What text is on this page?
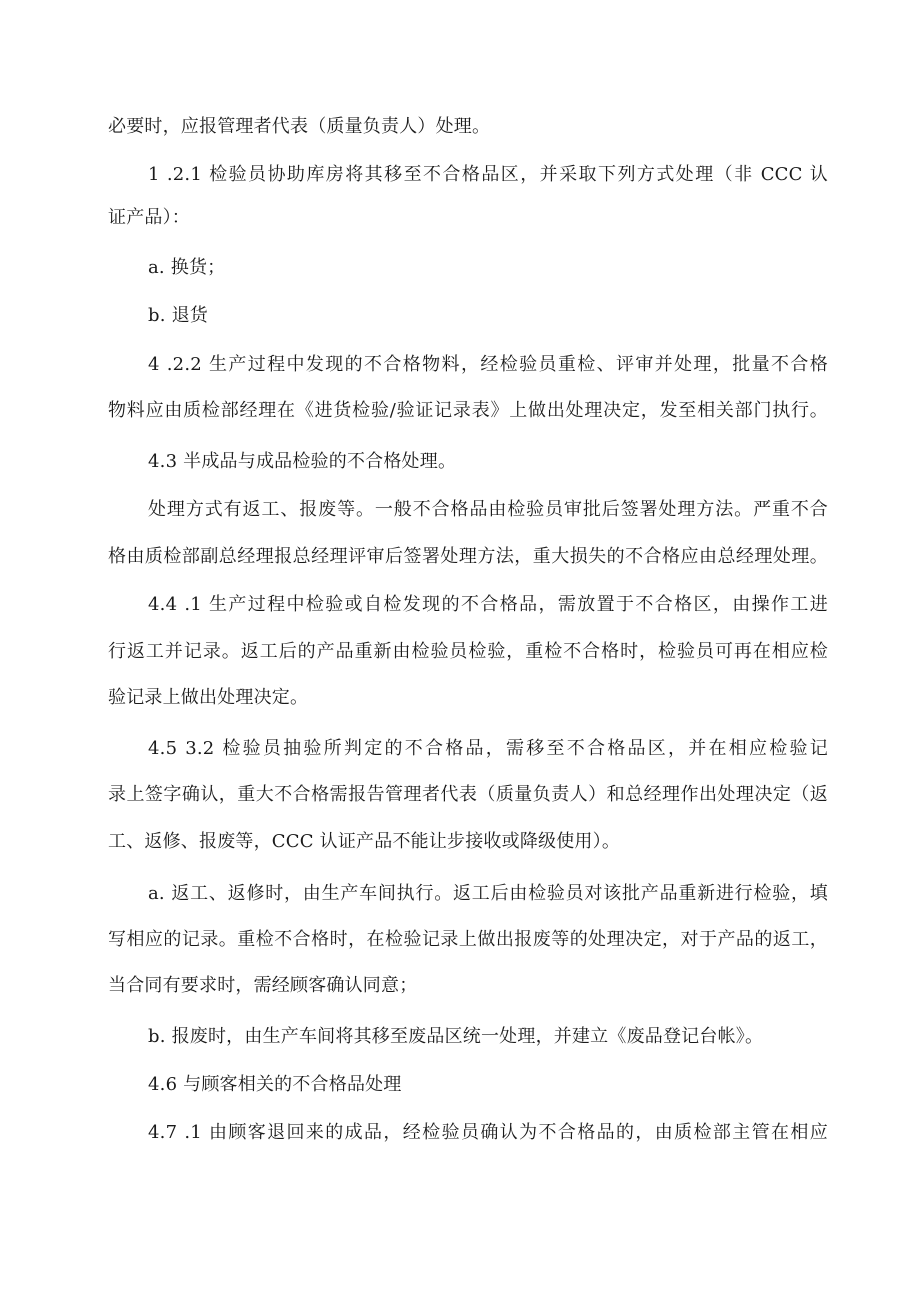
必要时，应报管理者代表（质量负责人）处理。
1 .2.1 检验员协助库房将其移至不合格品区，并采取下列方式处理（非 CCC 认
证产品）：
a. 换货；
b. 退货
4 .2.2 生产过程中发现的不合格物料，经检验员重检、评审并处理，批量不合格
物料应由质检部经理在《进货检验/验证记录表》上做出处理决定，发至相关部门执行。
4.3 半成品与成品检验的不合格处理。
处理方式有返工、报废等。一般不合格品由检验员审批后签署处理方法。严重不合
格由质检部副总经理报总经理评审后签署处理方法，重大损失的不合格应由总经理处理。
4.4 .1 生产过程中检验或自检发现的不合格品，需放置于不合格区，由操作工进
行返工并记录。返工后的产品重新由检验员检验，重检不合格时，检验员可再在相应检
验记录上做出处理决定。
4.5 3.2 检验员抽验所判定的不合格品，需移至不合格品区，并在相应检验记
录上签字确认，重大不合格需报告管理者代表（质量负责人）和总经理作出处理决定（返
工、返修、报废等，CCC 认证产品不能让步接收或降级使用）。
a. 返工、返修时，由生产车间执行。返工后由检验员对该批产品重新进行检验，填
写相应的记录。重检不合格时，在检验记录上做出报废等的处理决定，对于产品的返工，
当合同有要求时，需经顾客确认同意；
b. 报废时，由生产车间将其移至废品区统一处理，并建立《废品登记台帐》。
4.6 与顾客相关的不合格品处理
4.7 .1 由顾客退回来的成品，经检验员确认为不合格品的，由质检部主管在相应
